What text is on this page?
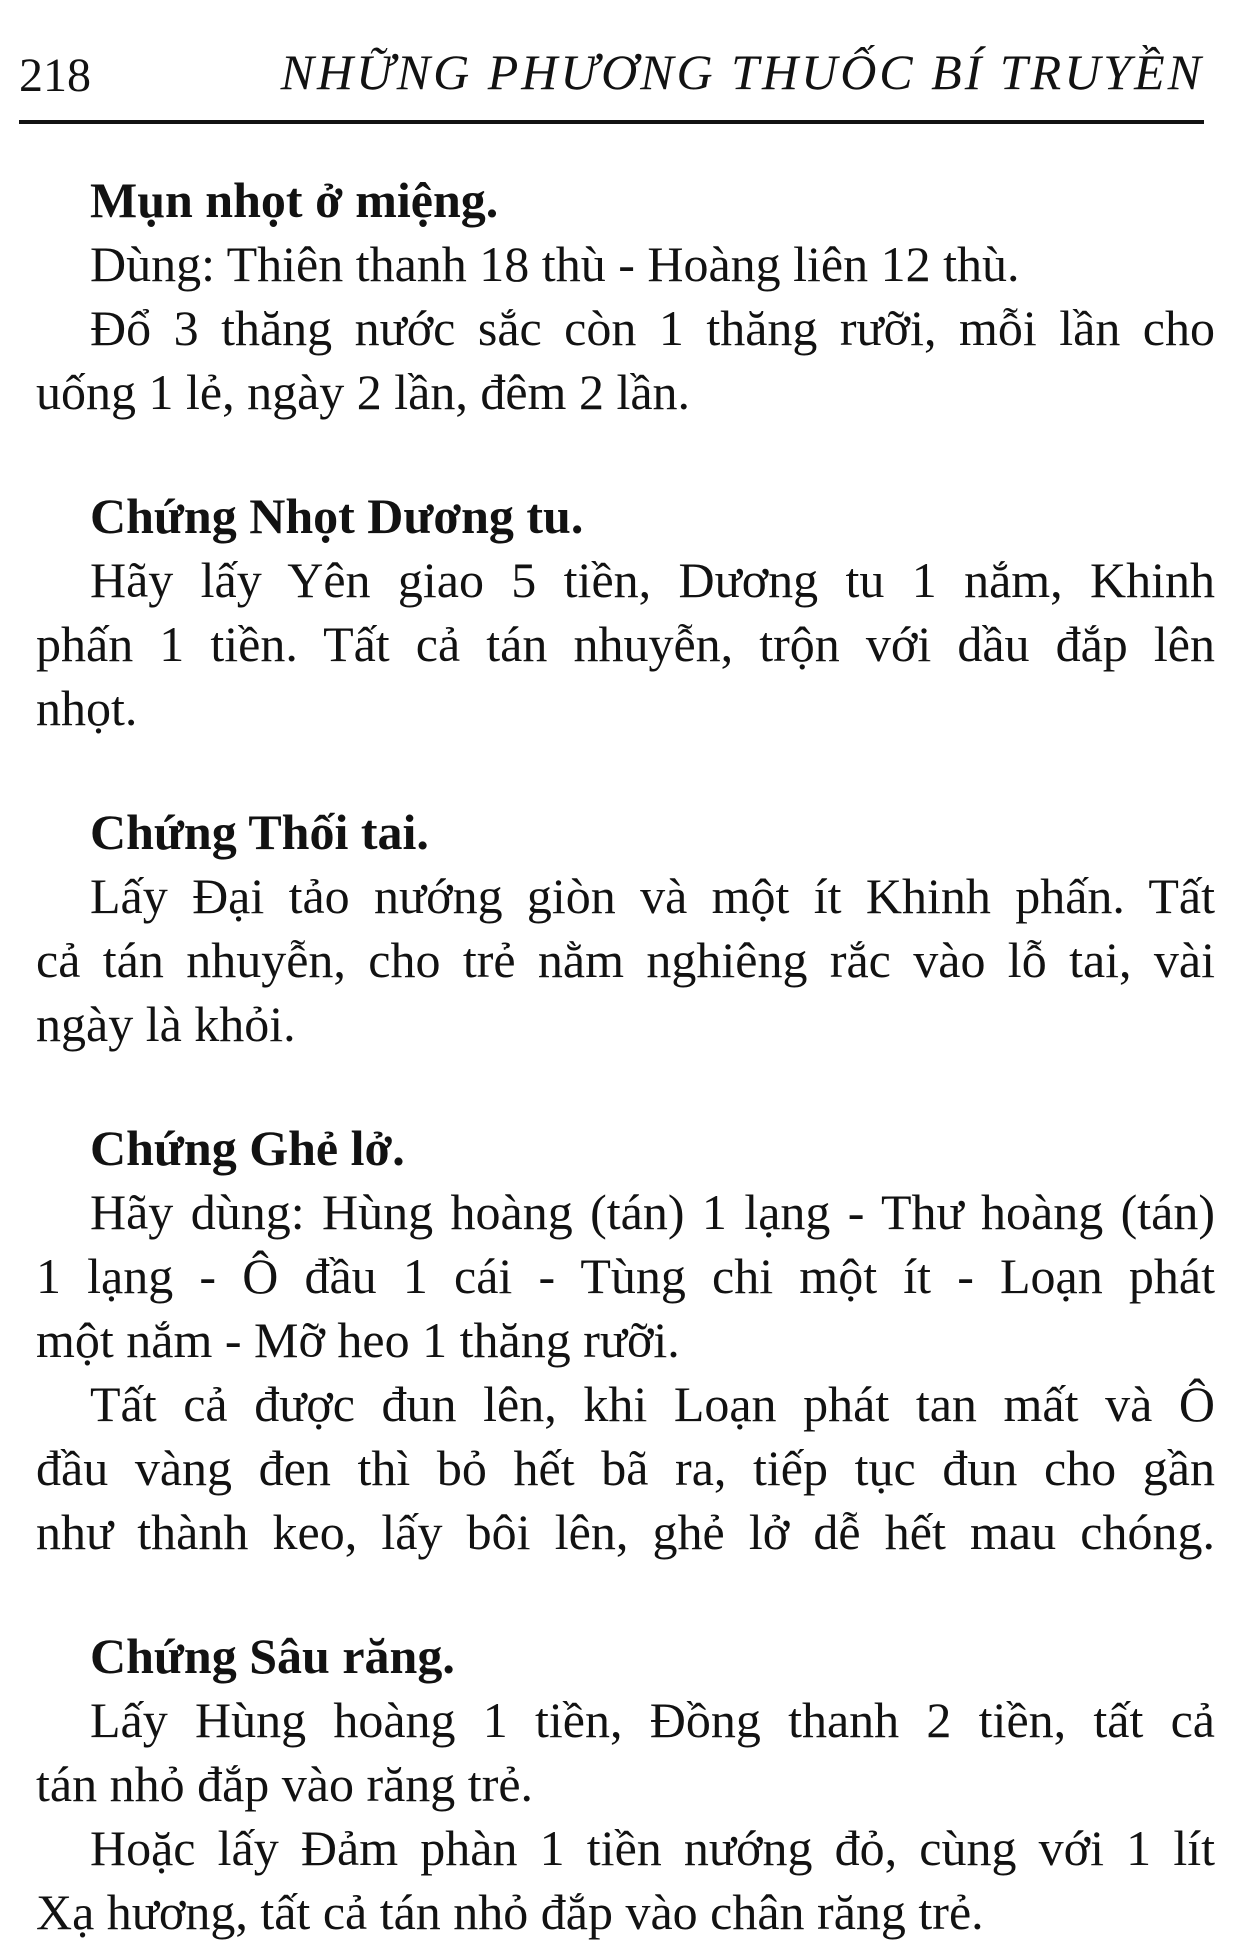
218	NHỮNG PHƯƠNG THUỐC BÍ TRUYỀN
Mụn nhọt ở miệng.
Dùng: Thiên thanh 18 thù - Hoàng liên 12 thù.
Đổ 3 thăng nước sắc còn 1 thăng rưỡi, mỗi lần cho
uống 1 lẻ, ngày 2 lần, đêm 2 lần.
Chứng Nhọt Dương tu.
Hãy lấy Yên giao 5 tiền, Dương tu 1 nắm, Khinh
phấn 1 tiền. Tất cả tán nhuyễn, trộn với dầu đắp lên
nhọt.
Chứng Thối tai.
Lấy Đại tảo nướng giòn và một ít Khinh phấn. Tất
cả tán nhuyễn, cho trẻ nằm nghiêng rắc vào lỗ tai, vài
ngày là khỏi.
Chứng Ghẻ lở.
Hãy dùng: Hùng hoàng (tán) 1 lạng - Thư hoàng (tán)
1 lạng - Ô đầu 1 cái - Tùng chi một ít - Loạn phát
một nắm - Mỡ heo 1 thăng rưỡi.
Tất cả được đun lên, khi Loạn phát tan mất và Ô
đầu vàng đen thì bỏ hết bã ra, tiếp tục đun cho gần
như thành keo, lấy bôi lên, ghẻ lở dễ hết mau chóng.
Chứng Sâu răng.
Lấy Hùng hoàng 1 tiền, Đồng thanh 2 tiền, tất cả
tán nhỏ đắp vào răng trẻ.
Hoặc lấy Đảm phàn 1 tiền nướng đỏ, cùng với 1 lít
Xạ hương, tất cả tán nhỏ đắp vào chân răng trẻ.
